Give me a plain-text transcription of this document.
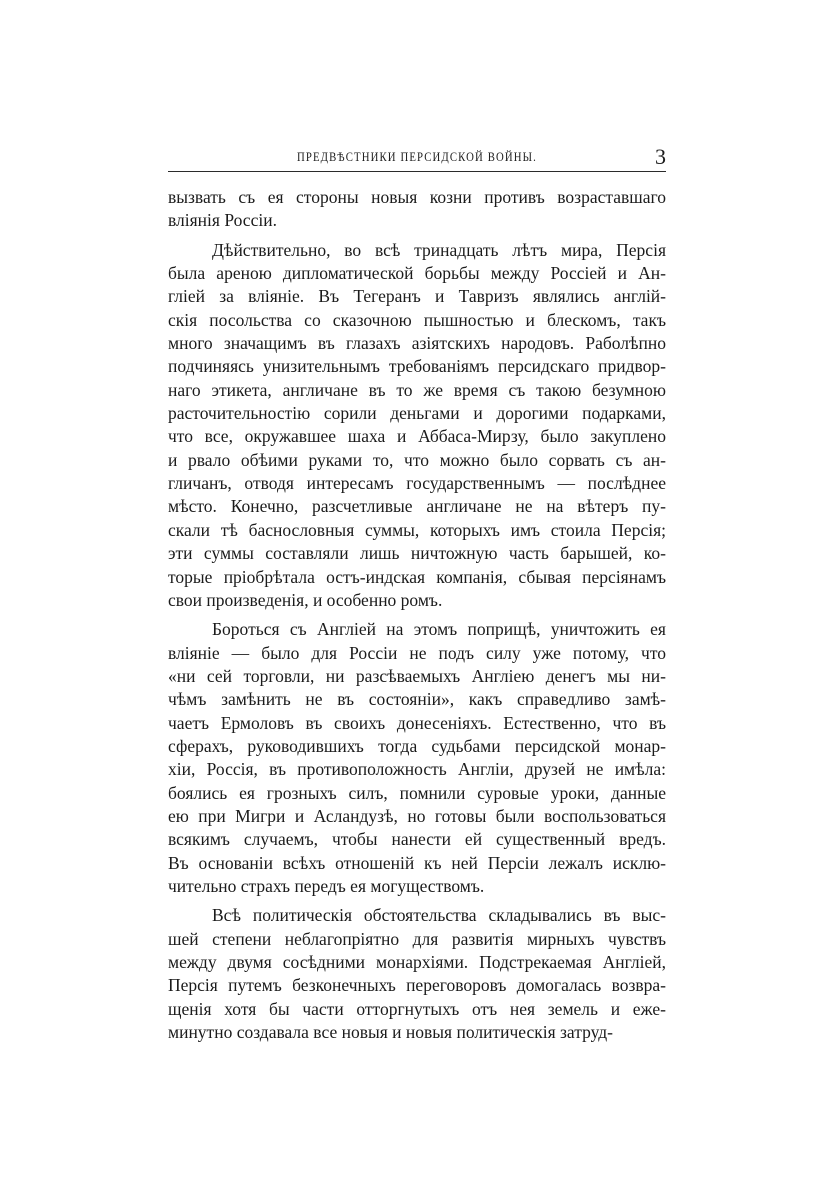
ПРЕДВѢСТНИКИ ПЕРСИДСКОЙ ВОЙНЫ.	3
вызвать съ ея стороны новыя козни противъ возраставшаго
вліянія Россіи.
Дѣйствительно, во всѣ тринадцать лѣтъ мира, Персія
была ареною дипломатической борьбы между Россіей и Ан-
гліей за вліяніе. Въ Тегеранъ и Тавризъ являлись англій-
скія посольства со сказочною пышностью и блескомъ, такъ
много значащимъ въ глазахъ азіятскихъ народовъ. Раболѣпно
подчиняясь унизительнымъ требованіямъ персидскаго придвор-
наго этикета, англичане въ то же время съ такою безумною
расточительностію сорили деньгами и дорогими подарками,
что все, окружавшее шаха и Аббаса-Мирзу, было закуплено
и рвало обѣими руками то, что можно было сорвать съ ан-
гличанъ, отводя интересамъ государственнымъ — послѣднее
мѣсто. Конечно, разсчетливые англичане не на вѣтеръ пу-
скали тѣ баснословныя суммы, которыхъ имъ стоила Персія;
эти суммы составляли лишь ничтожную часть барышей, ко-
торые пріобрѣтала остъ-индская компанія, сбывая персіянамъ
свои произведенія, и особенно ромъ.
Бороться съ Англіей на этомъ поприщѣ, уничтожить ея
вліяніе — было для Россіи не подъ силу уже потому, что
«ни сей торговли, ни разсѣваемыхъ Англіею денегъ мы ни-
чѣмъ замѣнить не въ состояніи», какъ справедливо замѣ-
чаетъ Ермоловъ въ своихъ донесеніяхъ. Естественно, что въ
сферахъ, руководившихъ тогда судьбами персидской монар-
хіи, Россія, въ противоположность Англіи, друзей не имѣла:
боялись ея грозныхъ силъ, помнили суровые уроки, данные
ею при Мигри и Асландузѣ, но готовы были воспользоваться
всякимъ случаемъ, чтобы нанести ей существенный вредъ.
Въ основаніи всѣхъ отношеній къ ней Персіи лежалъ исклю-
чительно страхъ передъ ея могуществомъ.
Всѣ политическія обстоятельства складывались въ выс-
шей степени неблагопріятно для развитія мирныхъ чувствъ
между двумя сосѣдними монархіями. Подстрекаемая Англіей,
Персія путемъ безконечныхъ переговоровъ домогалась возвра-
щенія хотя бы части отторгнутыхъ отъ нея земель и еже-
минутно создавала все новыя и новыя политическія затруд-
